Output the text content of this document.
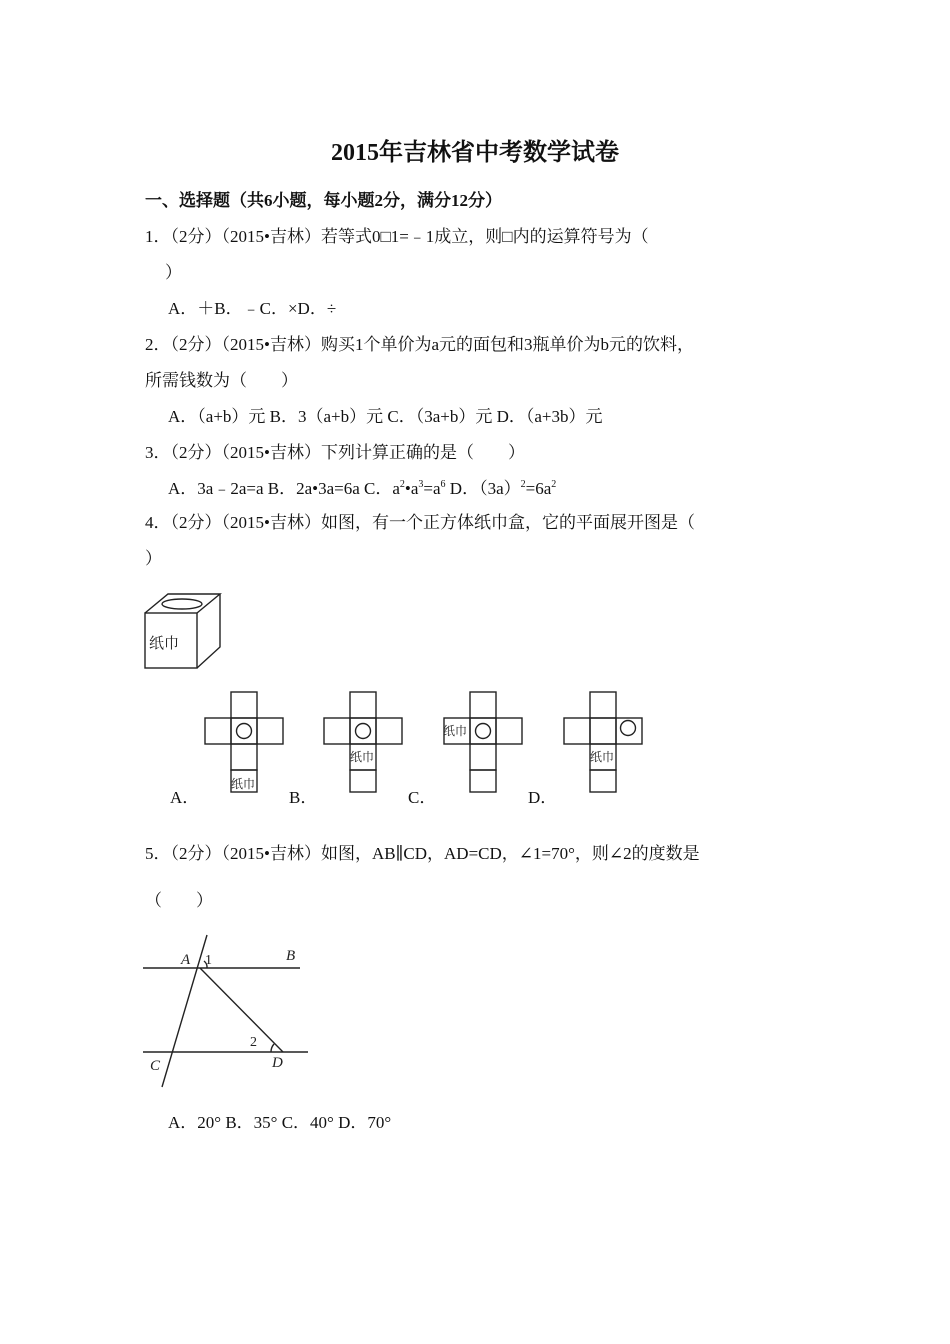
2015年吉林省中考数学试卷
一、选择题（共6小题，每小题2分，满分12分）
1．（2分）（2015•吉林）若等式0□1=﹣1成立，则□内的运算符号为（
）
A．＋B．﹣C．×D．÷
2．（2分）（2015•吉林）购买1个单价为a元的面包和3瓶单价为b元的饮料，
所需钱数为（　　）
A．（a+b）元 B．3（a+b）元 C．（3a+b）元 D．（a+3b）元
3．（2分）（2015•吉林）下列计算正确的是（　　）
A．3a﹣2a=a B．2a•3a=6a C．$a^2•a^3=a^6$ D．$(3a)^2=6a^2$
4．（2分）（2015•吉林）如图，有一个正方体纸巾盒，它的平面展开图是（
）
纸巾
纸巾
A．
纸巾
B．
纸巾
C．
纸巾
D．
5．（2分）（2015•吉林）如图，AB∥CD，AD=CD，∠1=70°，则∠2的度数是
（　　）
A	B
C	D
1
2
A．20° B．35° C．40° D．70°
